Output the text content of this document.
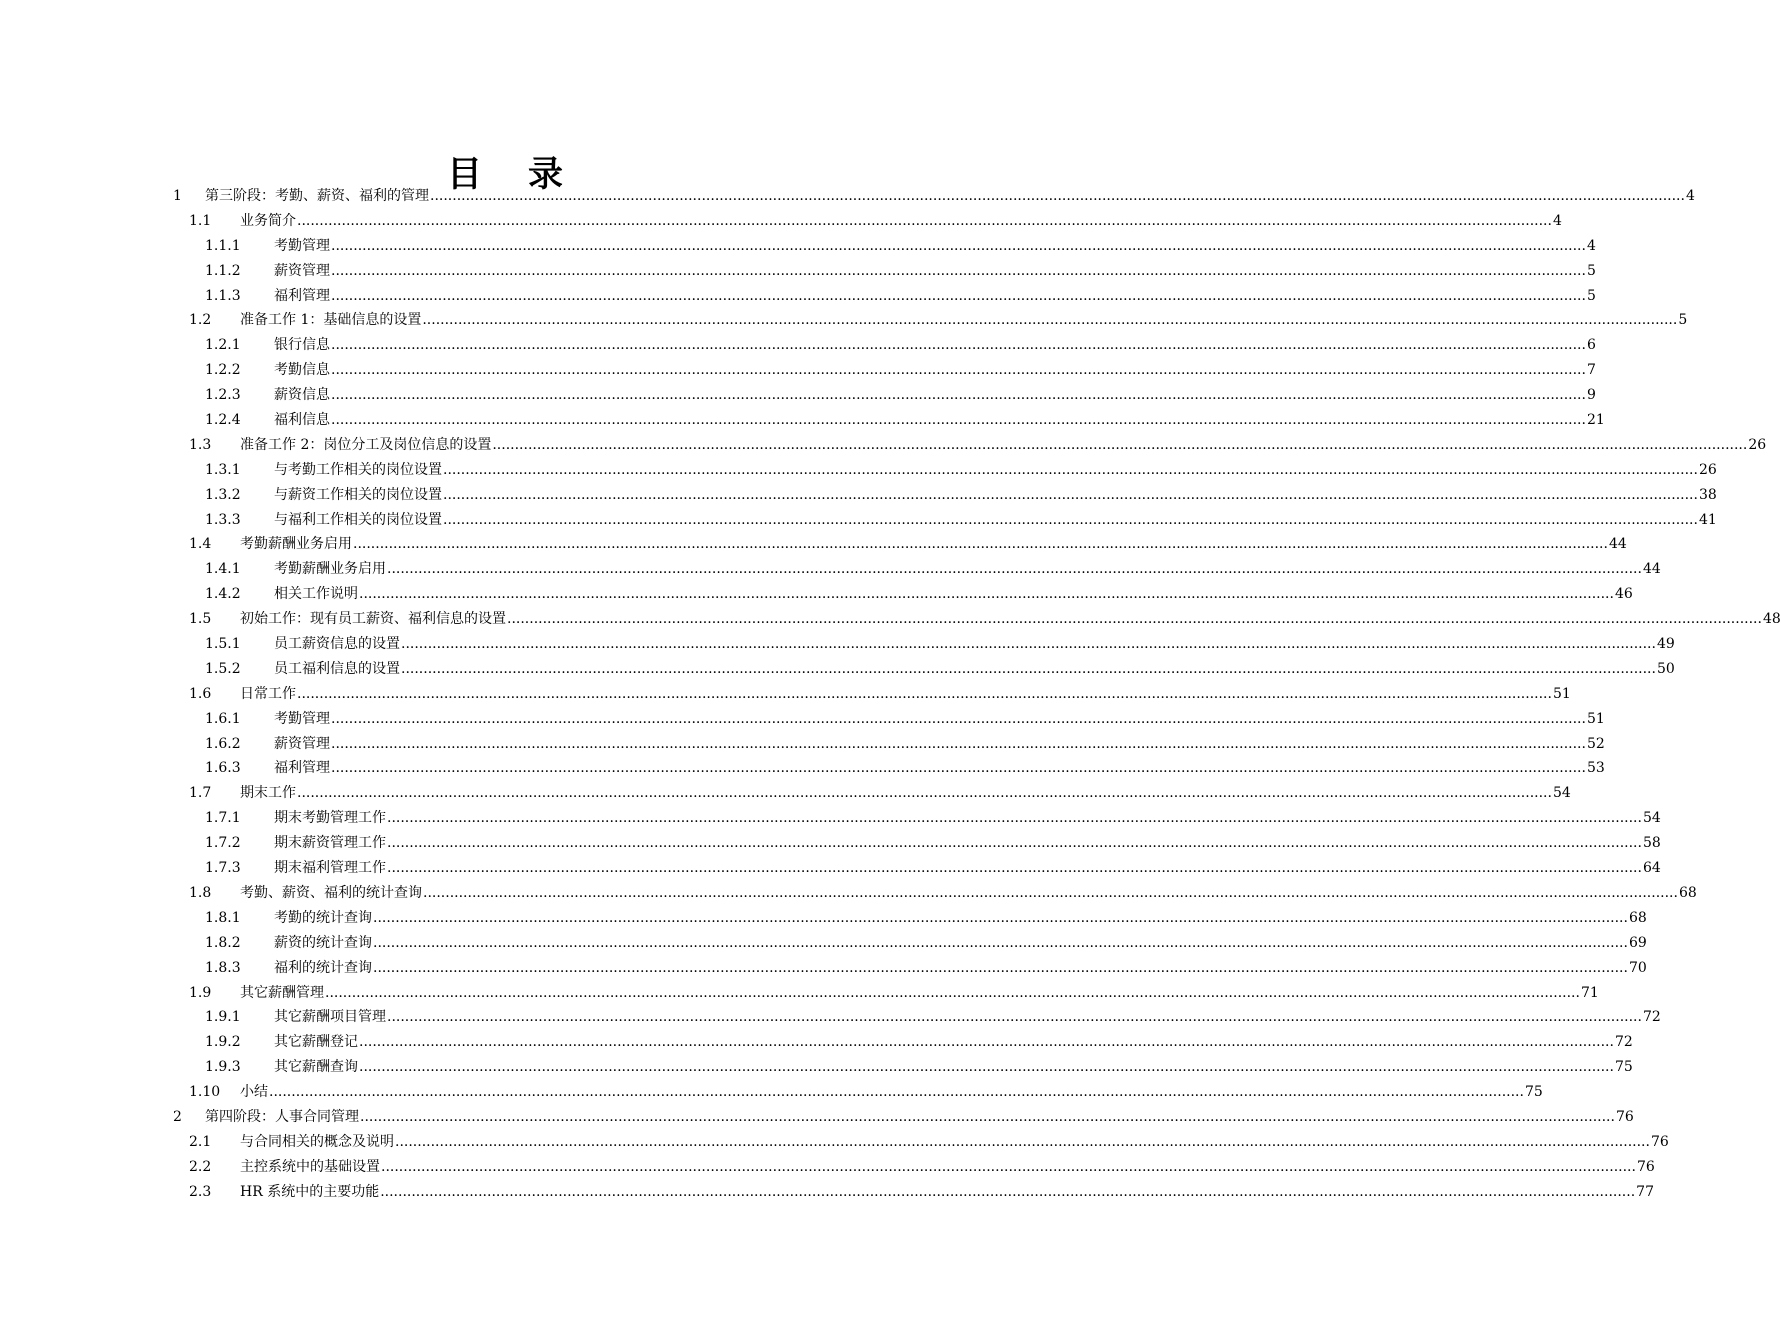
目录
1 第三阶段：考勤、薪资、福利的管理 .......................................................................................................................................................................................................................................................................................... 4
1.1 业务简介 .......................................................................................................................................................................................................................................................................................... 4
1.1.1 考勤管理 .......................................................................................................................................................................................................................................................................................... 4
1.1.2 薪资管理 .......................................................................................................................................................................................................................................................................................... 5
1.1.3 福利管理 .......................................................................................................................................................................................................................................................................................... 5
1.2 准备工作 1：基础信息的设置 .......................................................................................................................................................................................................................................................................................... 5
1.2.1 银行信息 .......................................................................................................................................................................................................................................................................................... 6
1.2.2 考勤信息 .......................................................................................................................................................................................................................................................................................... 7
1.2.3 薪资信息 .......................................................................................................................................................................................................................................................................................... 9
1.2.4 福利信息 .......................................................................................................................................................................................................................................................................................... 21
1.3 准备工作 2：岗位分工及岗位信息的设置 .......................................................................................................................................................................................................................................................................................... 26
1.3.1 与考勤工作相关的岗位设置 .......................................................................................................................................................................................................................................................................................... 26
1.3.2 与薪资工作相关的岗位设置 .......................................................................................................................................................................................................................................................................................... 38
1.3.3 与福利工作相关的岗位设置 .......................................................................................................................................................................................................................................................................................... 41
1.4 考勤薪酬业务启用 .......................................................................................................................................................................................................................................................................................... 44
1.4.1 考勤薪酬业务启用 .......................................................................................................................................................................................................................................................................................... 44
1.4.2 相关工作说明 .......................................................................................................................................................................................................................................................................................... 46
1.5 初始工作：现有员工薪资、福利信息的设置 .......................................................................................................................................................................................................................................................................................... 48
1.5.1 员工薪资信息的设置 .......................................................................................................................................................................................................................................................................................... 49
1.5.2 员工福利信息的设置 .......................................................................................................................................................................................................................................................................................... 50
1.6 日常工作 .......................................................................................................................................................................................................................................................................................... 51
1.6.1 考勤管理 .......................................................................................................................................................................................................................................................................................... 51
1.6.2 薪资管理 .......................................................................................................................................................................................................................................................................................... 52
1.6.3 福利管理 .......................................................................................................................................................................................................................................................................................... 53
1.7 期末工作 .......................................................................................................................................................................................................................................................................................... 54
1.7.1 期末考勤管理工作 .......................................................................................................................................................................................................................................................................................... 54
1.7.2 期末薪资管理工作 .......................................................................................................................................................................................................................................................................................... 58
1.7.3 期末福利管理工作 .......................................................................................................................................................................................................................................................................................... 64
1.8 考勤、薪资、福利的统计查询 .......................................................................................................................................................................................................................................................................................... 68
1.8.1 考勤的统计查询 .......................................................................................................................................................................................................................................................................................... 68
1.8.2 薪资的统计查询 .......................................................................................................................................................................................................................................................................................... 69
1.8.3 福利的统计查询 .......................................................................................................................................................................................................................................................................................... 70
1.9 其它薪酬管理 .......................................................................................................................................................................................................................................................................................... 71
1.9.1 其它薪酬项目管理 .......................................................................................................................................................................................................................................................................................... 72
1.9.2 其它薪酬登记 .......................................................................................................................................................................................................................................................................................... 72
1.9.3 其它薪酬查询 .......................................................................................................................................................................................................................................................................................... 75
1.10 小结 .......................................................................................................................................................................................................................................................................................... 75
2 第四阶段：人事合同管理 .......................................................................................................................................................................................................................................................................................... 76
2.1 与合同相关的概念及说明 .......................................................................................................................................................................................................................................................................................... 76
2.2 主控系统中的基础设置 .......................................................................................................................................................................................................................................................................................... 76
2.3 HR 系统中的主要功能 .......................................................................................................................................................................................................................................................................................... 77
